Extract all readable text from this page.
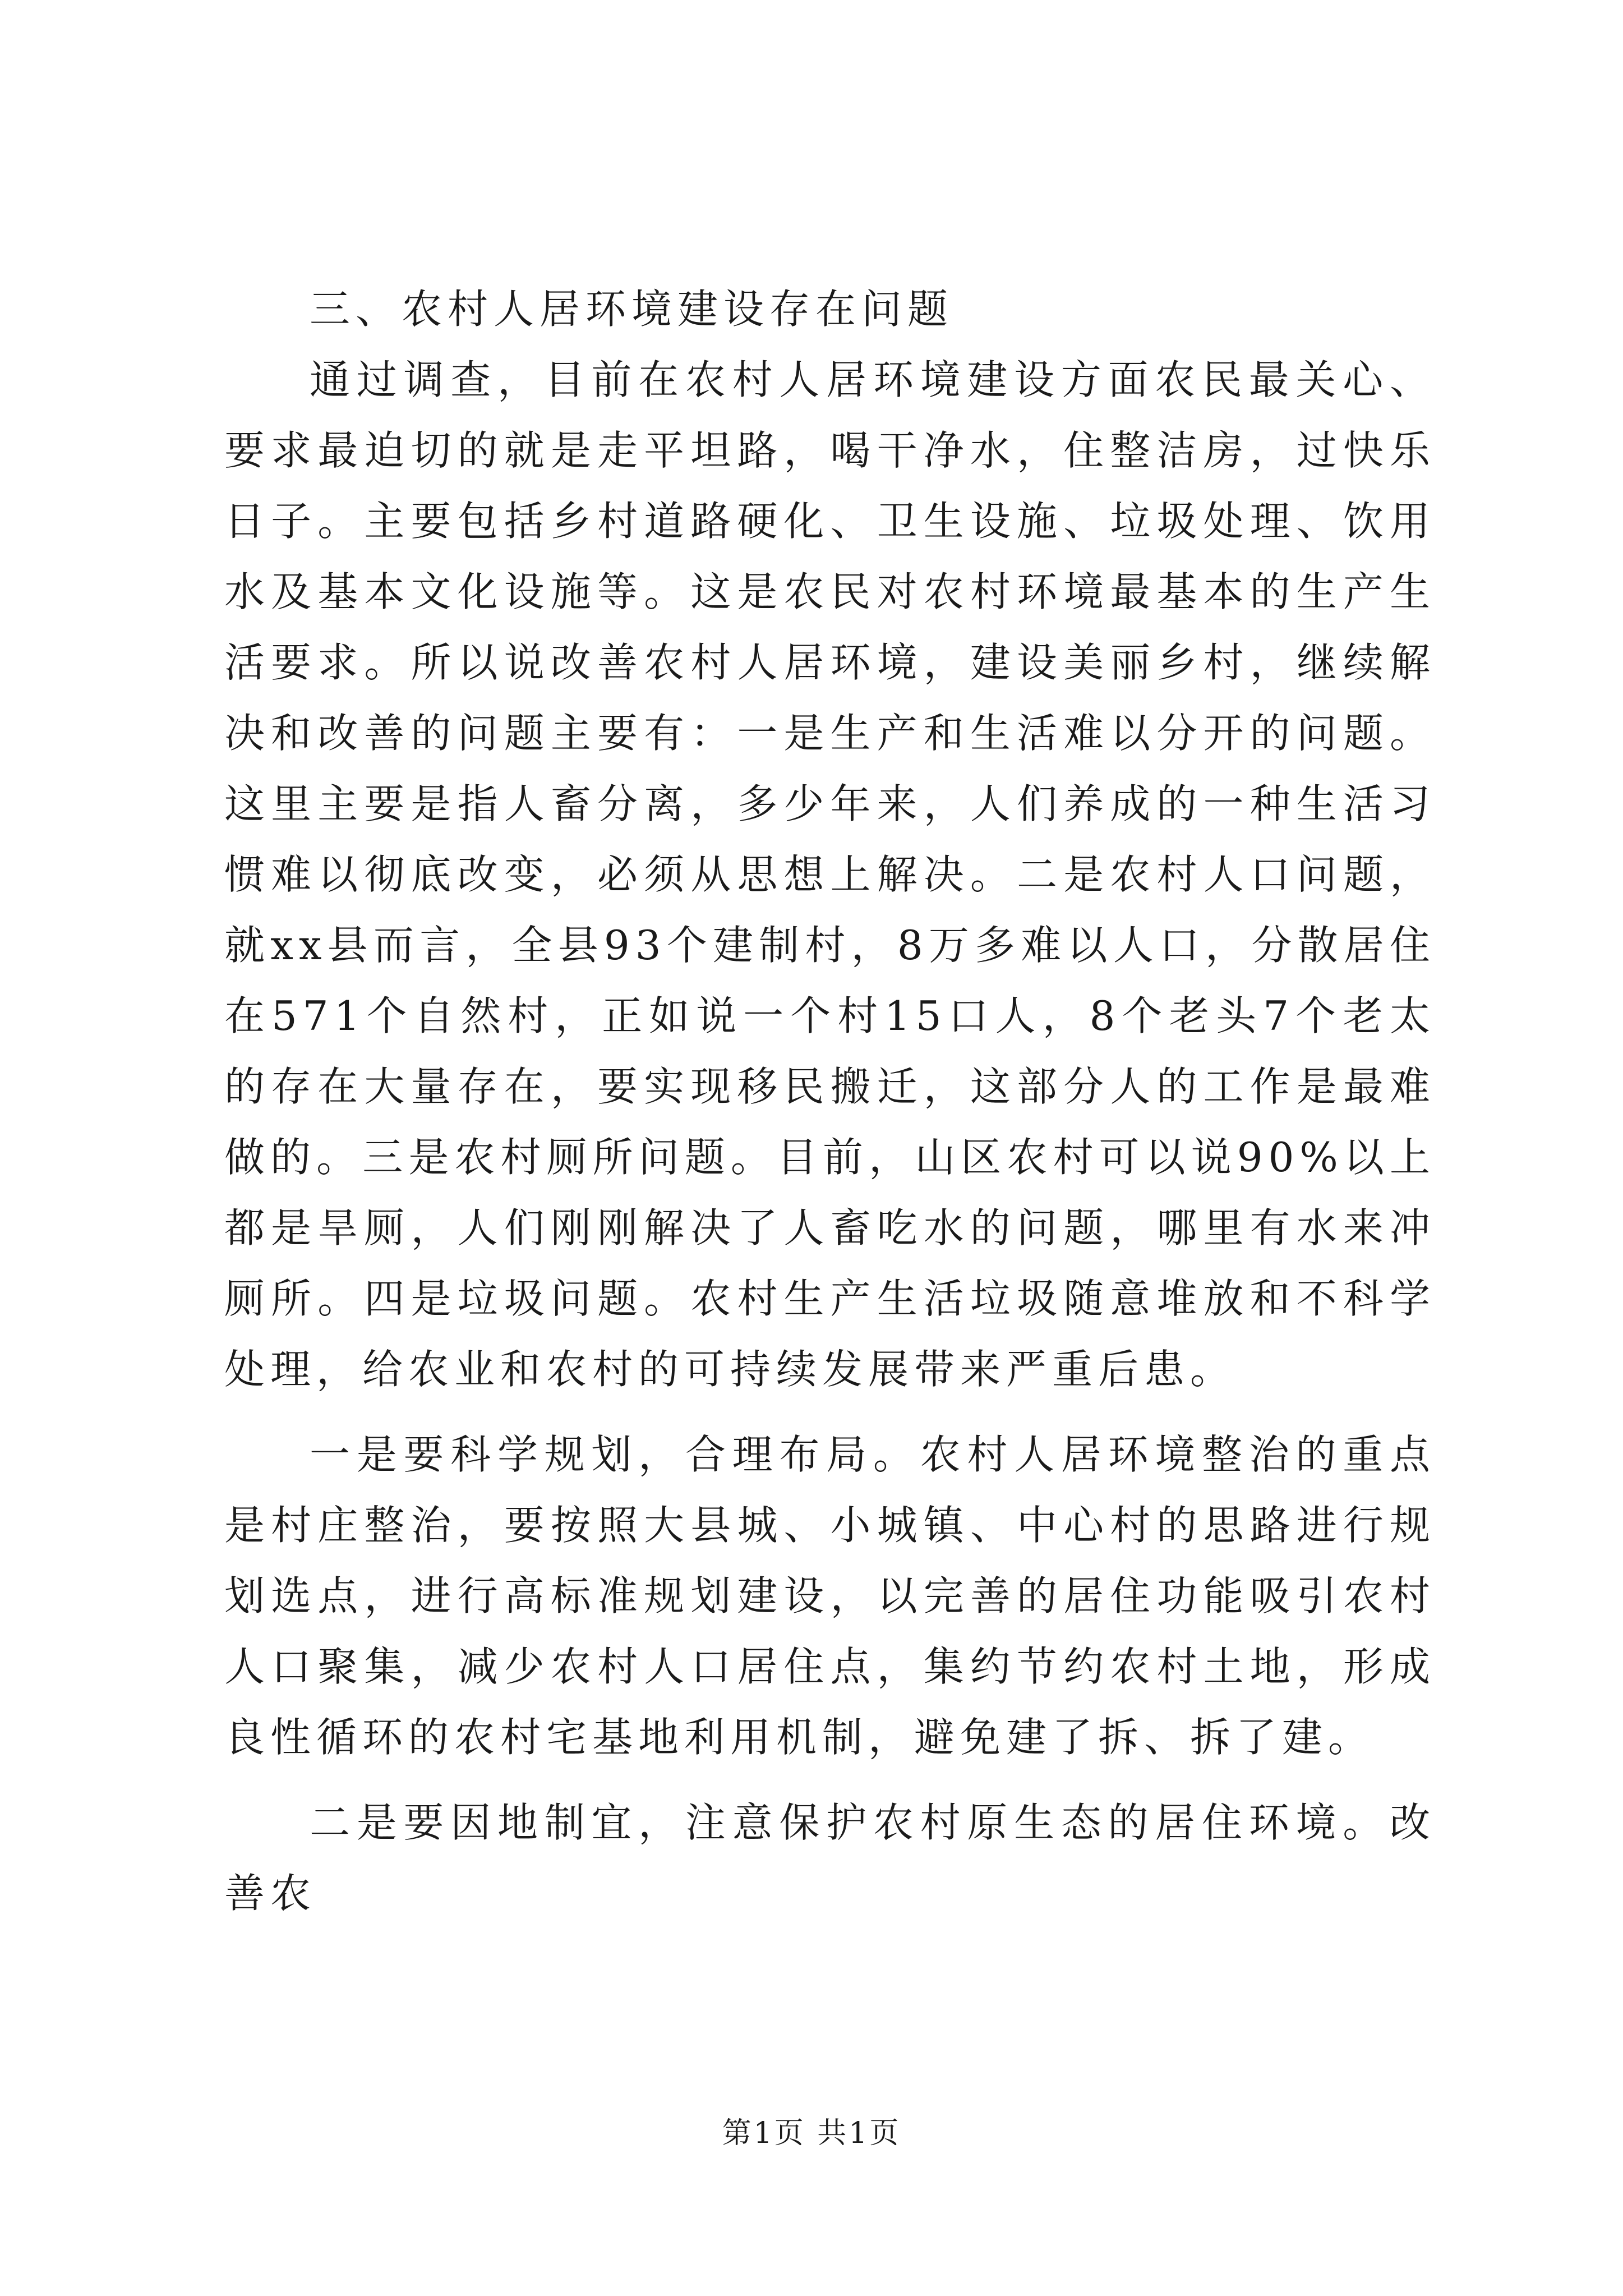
三、农村人居环境建设存在问题

通过调查，目前在农村人居环境建设方面农民最关心、要求最迫切的就是走平坦路，喝干净水，住整洁房，过快乐日子。主要包括乡村道路硬化、卫生设施、垃圾处理、饮用水及基本文化设施等。这是农民对农村环境最基本的生产生活要求。所以说改善农村人居环境，建设美丽乡村，继续解决和改善的问题主要有：一是生产和生活难以分开的问题。这里主要是指人畜分离，多少年来，人们养成的一种生活习惯难以彻底改变，必须从思想上解决。二是农村人口问题，就xx县而言，全县93个建制村，8万多难以人口，分散居住在571个自然村，正如说一个村15口人，8个老头7个老太的存在大量存在，要实现移民搬迁，这部分人的工作是最难做的。三是农村厕所问题。目前，山区农村可以说90%以上都是旱厕，人们刚刚解决了人畜吃水的问题，哪里有水来冲厕所。四是垃圾问题。农村生产生活垃圾随意堆放和不科学处理，给农业和农村的可持续发展带来严重后患。

一是要科学规划，合理布局。农村人居环境整治的重点是村庄整治，要按照大县城、小城镇、中心村的思路进行规划选点，进行高标准规划建设，以完善的居住功能吸引农村人口聚集，减少农村人口居住点，集约节约农村土地，形成良性循环的农村宅基地利用机制，避免建了拆、拆了建。

二是要因地制宜，注意保护农村原生态的居住环境。改善农

第1页 共1页
